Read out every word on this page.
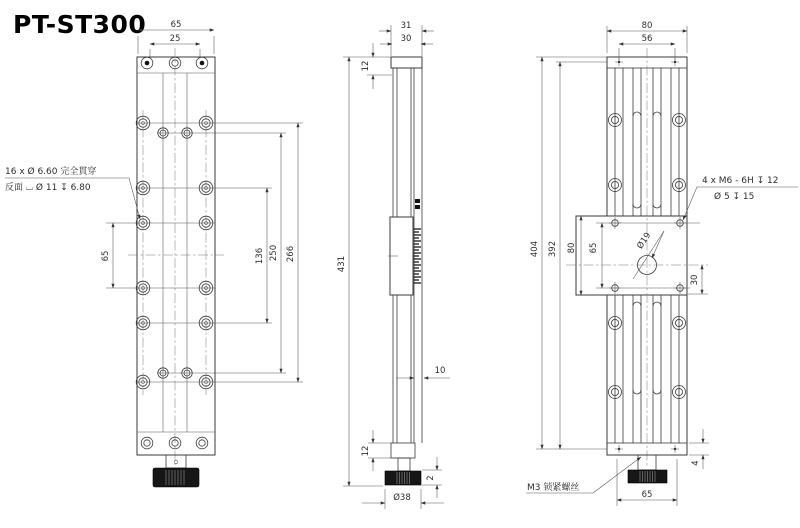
PT-ST300	65
25
65	136 250 266
16 x Ø 6.60 完全貫穿
反面 ⌴ Ø 11 ↧ 6.80
31
30
12
431
10
12
2
Ø38
80
56
404 392 80 65
30
Ø19
4
65
4 x M6 - 6H ↧ 12
Ø 5 ↧ 15
M3 锁紧螺丝
